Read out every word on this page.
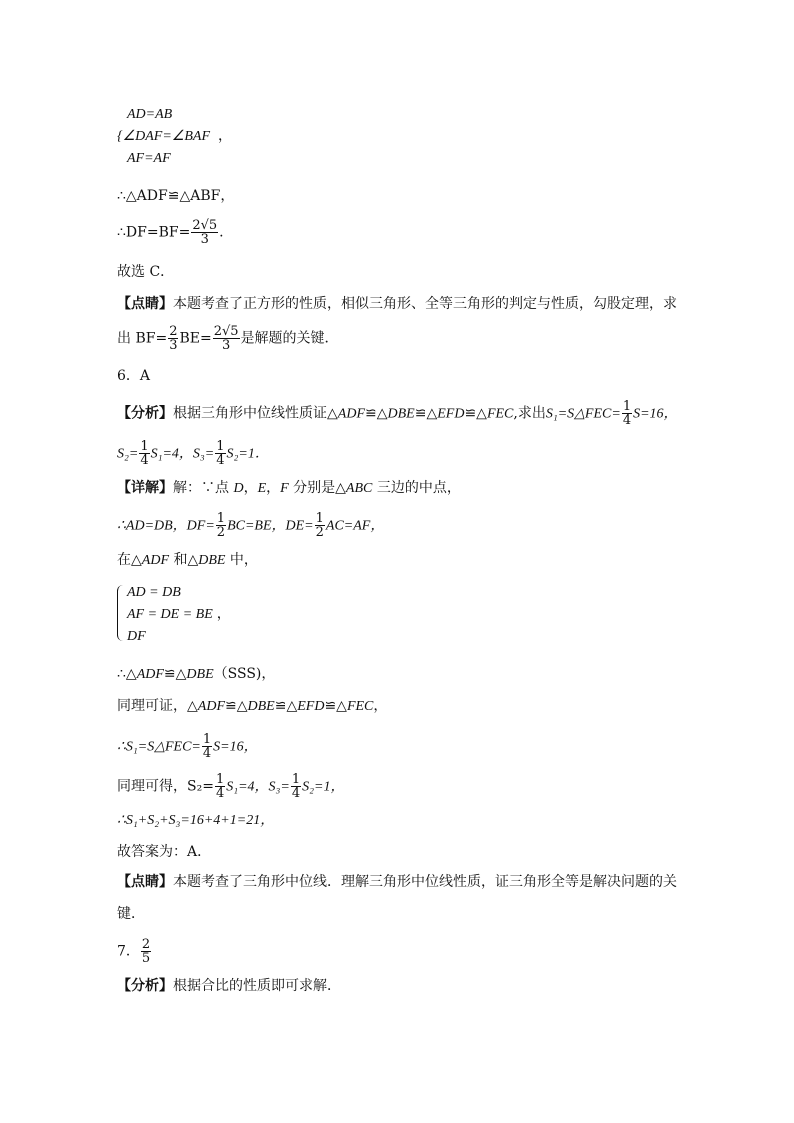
AD=AB
{∠DAF=∠BAF ，
AF=AF
∴△ADF≌△ABF，
∴DF=BF= $\frac{2√5}{3}$ .
故选 C．
【点睛】本题考查了正方形的性质，相似三角形、全等三角形的判定与性质，勾股定理，求
出 $BF= \frac{2}{3} BE= \frac{2√5}{3}$ 是解题的关键．
6．A
【分析】根据三角形中位线性质证△ADF≌△DBE≌△EFD≌△FEC,求出S₁=S△FEC= $\frac{1}{4} S=16$，
$S_2= \frac{1}{4} S_1=4$，$S_3= \frac{1}{4} S_2=1$．
【详解】解：∵点 D，E，F 分别是△ABC 三边的中点，
∴AD=DB，$DF= \frac{1}{2} BC=BE$，$DE= \frac{1}{2} AC=AF$，
在△ADF 和△DBE 中，
AD = DB
AF = DE = BE ，
DF
∴△ADF≌△DBE（SSS)，
同理可证，△ADF≌△DBE≌△EFD≌△FEC，
∴S₁=S△FEC= $\frac{1}{4} S=16$，
同理可得，$S_2= \frac{1}{4} S_1=4$，$S_3= \frac{1}{4} S_2=1$，
∴S₁+S₂+S₃=16+4+1=21，
故答案为：A．
【点睛】本题考查了三角形中位线．理解三角形中位线性质，证三角形全等是解决问题的关
键．
7． $\frac{2}{5}$
【分析】根据合比的性质即可求解．
